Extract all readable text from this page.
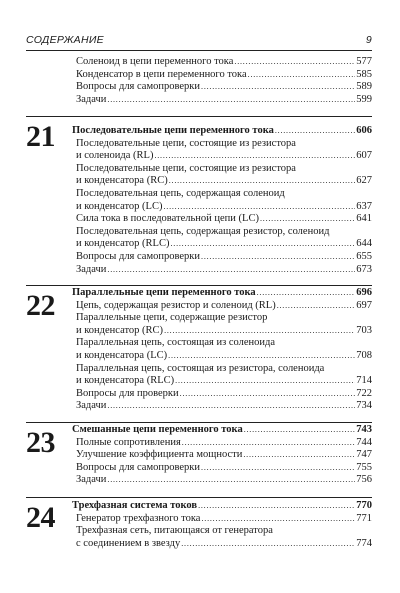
СОДЕРЖАНИЕ	9
Соленоид в цепи переменного тока .....	577
Конденсатор в цепи переменного тока .....	585
Вопросы для самопроверки .....	589
Задачи .....	599
21	Последовательные цепи переменного тока .....	606
Последовательные цепи, состоящие из резистора
и соленоида (RL) .....	607
Последовательные цепи, состоящие из резистора
и конденсатора (RC) .....	627
Последовательная цепь, содержащая соленоид
и конденсатор (LC) .....	637
Сила тока в последовательной цепи (LC) .....	641
Последовательная цепь, содержащая резистор, соленоид
и конденсатор (RLC) .....	644
Вопросы для самопроверки .....	655
Задачи .....	673
22	Параллельные цепи переменного тока .....	696
Цепь, содержащая резистор и соленоид (RL) .....	697
Параллельные цепи, содержащие резистор
и конденсатор (RC) .....	703
Параллельная цепь, состоящая из соленоида
и конденсатора (LC) .....	708
Параллельная цепь, состоящая из резистора, соленоида
и конденсатора (RLC) .....	714
Вопросы для проверки .....	722
Задачи .....	734
23	Смешанные цепи переменного тока .....	743
Полные сопротивления .....	744
Улучшение коэффициента мощности .....	747
Вопросы для самопроверки .....	755
Задачи .....	756
24	Трехфазная система токов .....	770
Генератор трехфазного тока .....	771
Трехфазная сеть, питающаяся от генератора
с соединением в звезду .....	774
